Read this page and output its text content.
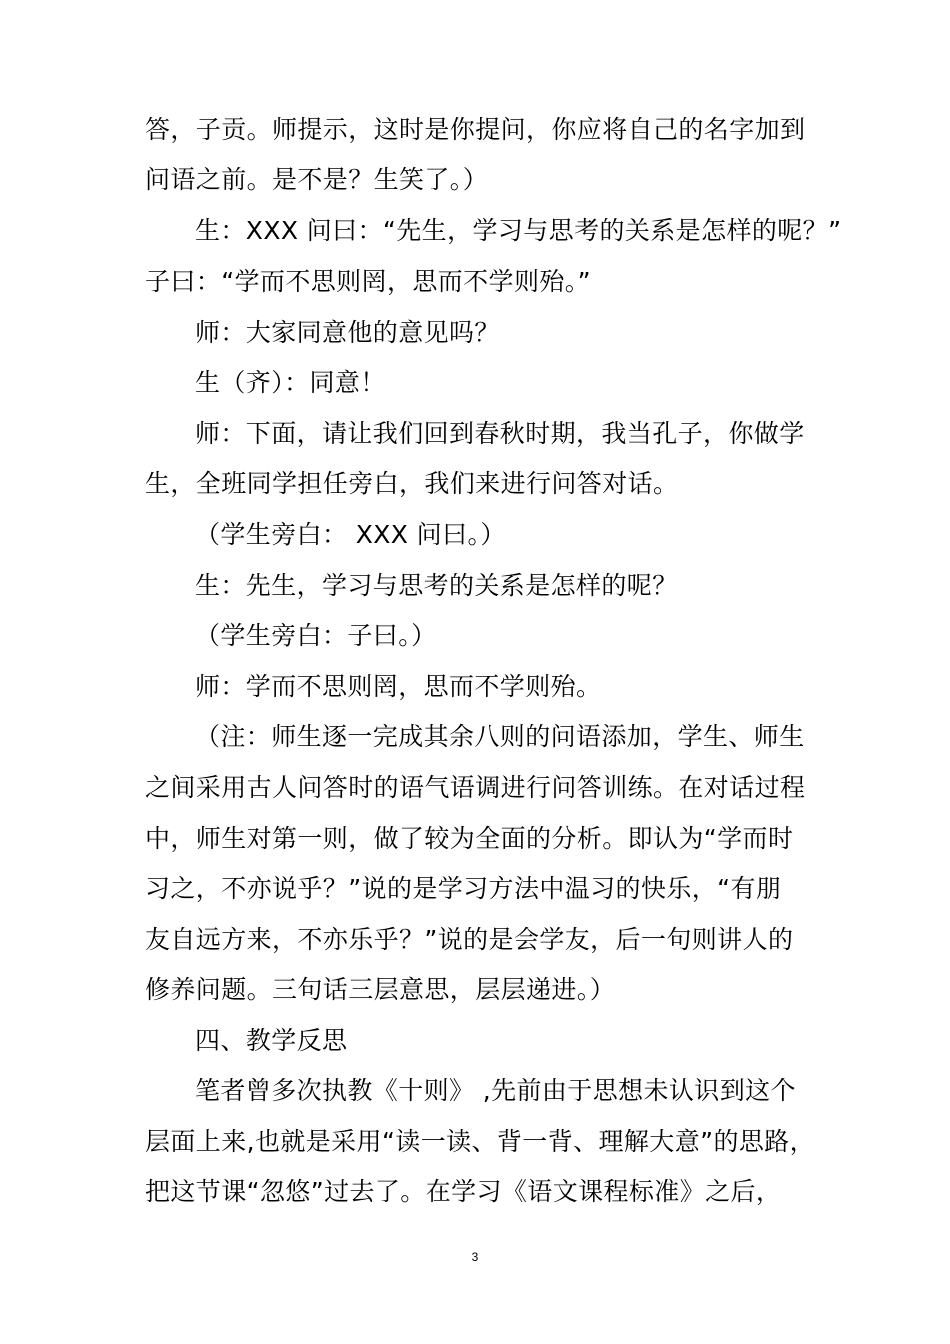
答，子贡。师提示，这时是你提问，你应将自己的名字加到
问语之前。是不是？生笑了。）
生：XXX 问曰：“先生，学习与思考的关系是怎样的呢？”
子曰：“学而不思则罔，思而不学则殆。”
师：大家同意他的意见吗？
生（齐）：同意！
师：下面，请让我们回到春秋时期，我当孔子，你做学
生，全班同学担任旁白，我们来进行问答对话。
（学生旁白： XXX 问曰。）
生：先生，学习与思考的关系是怎样的呢？
（学生旁白：子曰。）
师：学而不思则罔，思而不学则殆。
（注：师生逐一完成其余八则的问语添加，学生、师生
之间采用古人问答时的语气语调进行问答训练。在对话过程
中，师生对第一则，做了较为全面的分析。即认为“学而时
习之，不亦说乎？”说的是学习方法中温习的快乐，“有朋
友自远方来，不亦乐乎？”说的是会学友，后一句则讲人的
修养问题。三句话三层意思，层层递进。）
四、教学反思
笔者曾多次执教《十则》 ,先前由于思想未认识到这个
层面上来,也就是采用“读一读、背一背、理解大意”的思路，
把这节课“忽悠”过去了。在学习《语文课程标准》之后，
3
